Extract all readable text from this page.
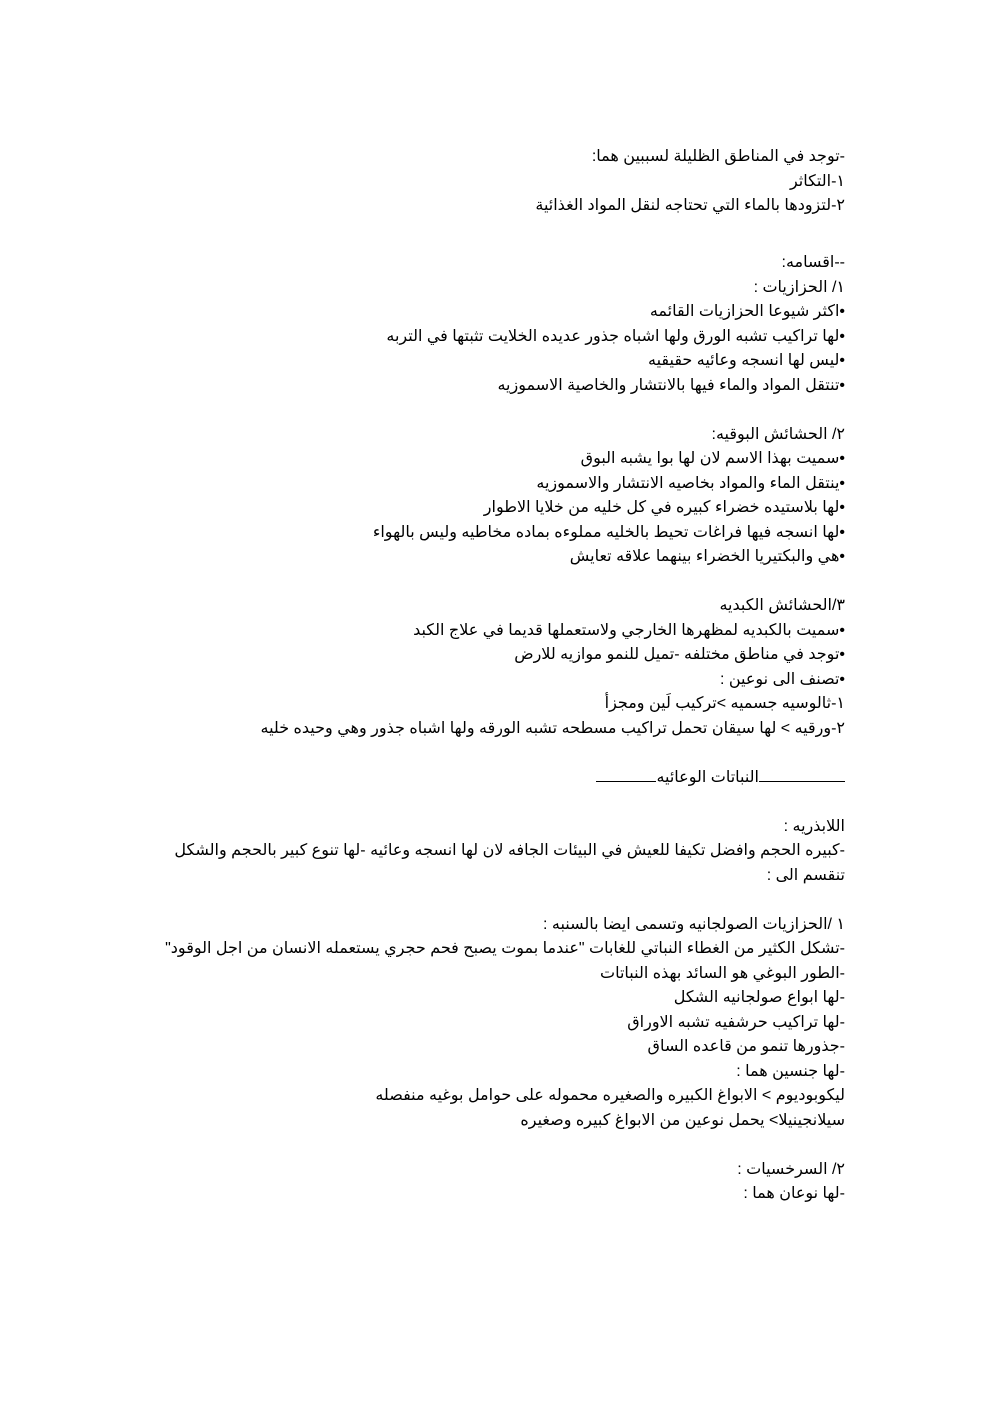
-توجد في المناطق الظليلة لسببين هما:

١-التكاثر

٢-لتزودها بالماء التي تحتاجه لنقل المواد الغذائية

--اقسامه:

١/ الحزازيات :

•اكثر شيوعا الحزازيات القائمه

•لها تراكيب تشبه الورق ولها اشباه جذور عديده الخلايت تثبتها في التربه

•ليس لها انسجه وعائيه حقيقيه

•تنتقل المواد والماء فيها بالانتشار والخاصية الاسموزيه

٢/ الحشائش البوقيه:

•سميت بهذا الاسم لان لها بوا يشبه البوق

•ينتقل الماء والمواد بخاصيه الانتشار والاسموزيه

•لها بلاستيده خضراء كبيره في كل خليه من خلايا الاطوار

•لها انسجه فيها فراغات تحيط بالخليه مملوءه بماده مخاطيه وليس بالهواء

•هي والبكتيريا الخضراء بينهما علاقه تعايش

٣/الحشائش الكبديه

•سميت بالكبديه لمظهرها الخارجي ولاستعملها قديما في علاج الكبد

•توجد في مناطق مختلفه -تميل للنمو موازيه للارض

•تصنف الى نوعين :

١-ثالوسيه جسميه >تركيب لَين ومجزأ

٢-ورقيه > لها سيقان تحمل تراكيب مسطحه تشبه الورقه ولها اشباه جذور وهي وحيده خليه

النباتات الوعائيه

اللابذريه :

-كبيره الحجم وافضل تكيفا للعيش في البيئات الجافه لان لها انسجه وعائيه -لها تنوع كبير بالحجم والشكل

تنقسم الى :

١ /الحزازيات الصولجانيه وتسمى ايضا بالسنبه :

-تشكل الكثير من الغطاء النباتي للغابات "عندما بموت يصبح فحم حجري يستعمله الانسان من اجل الوقود"

-الطور البوغي هو السائد بهذه النباتات

-لها ابواع صولجانيه الشكل

-لها تراكيب حرشفيه تشبه الاوراق

-جذورها تنمو من قاعده الساق

-لها جنسين هما :

ليكوبوديوم > الابواغ الكبيره والصغيره محموله على حوامل بوغيه منفصله

سيلانجينيلا> يحمل نوعين من الابواغ كبيره وصغيره

٢/ السرخسيات :

-لها نوعان هما :
